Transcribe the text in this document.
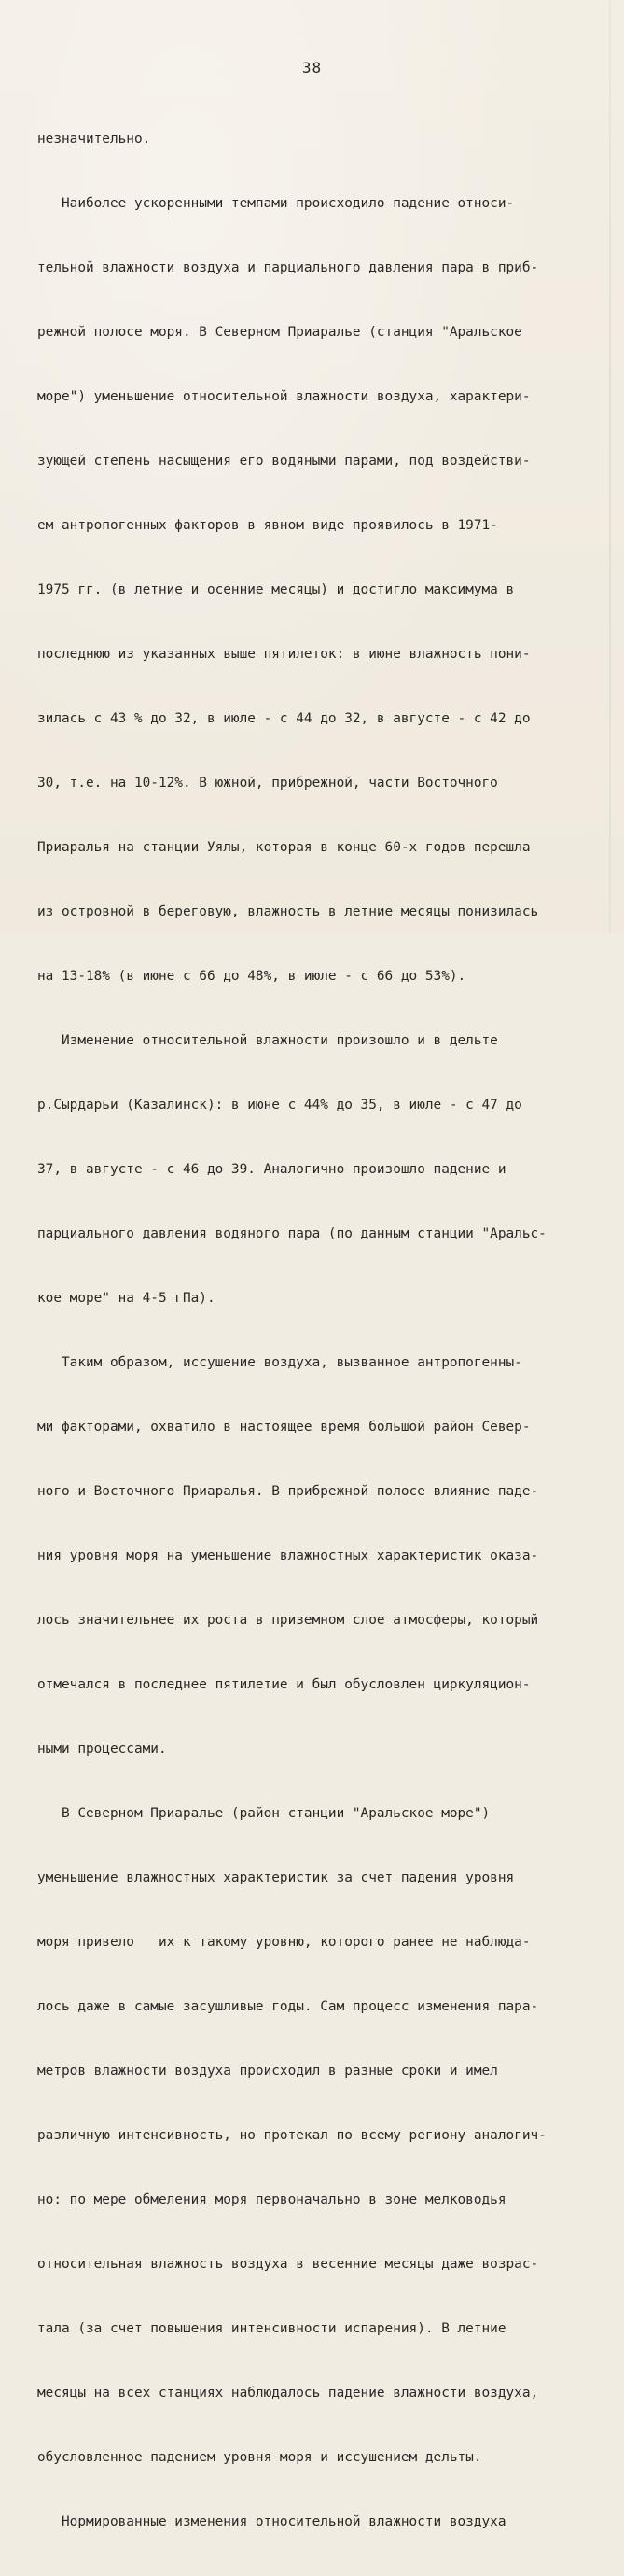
38

незначительно.

Наиболее ускоренными темпами происходило падение относи-

тельной влажности воздуха и парциального давления пара в приб-

режной полосе моря. В Северном Приаралье (станция "Аральское

море") уменьшение относительной влажности воздуха, характери-

зующей степень насыщения его водяными парами, под воздействи-

ем антропогенных факторов в явном виде проявилось в 1971-

1975 гг. (в летние и осенние месяцы) и достигло максимума в

последнюю из указанных выше пятилеток: в июне влажность пони-

зилась с 43 % до 32, в июле - с 44 до 32, в августе - с 42 до

30, т.е. на 10-12%. В южной, прибрежной, части Восточного

Приаралья на станции Уялы, которая в конце 60-х годов перешла

из островной в береговую, влажность в летние месяцы понизилась

на 13-18% (в июне с 66 до 48%, в июле - с 66 до 53%).

Изменение относительной влажности произошло и в дельте

р.Сырдарьи (Казалинск): в июне с 44% до 35, в июле - с 47 до

37, в августе - с 46 до 39. Аналогично произошло падение и

парциального давления водяного пара (по данным станции "Аральс-

кое море" на 4-5 гПа).

Таким образом, иссушение воздуха, вызванное антропогенны-

ми факторами, охватило в настоящее время большой район Север-

ного и Восточного Приаралья. В прибрежной полосе влияние паде-

ния уровня моря на уменьшение влажностных характеристик оказа-

лось значительнее их роста в приземном слое атмосферы, который

отмечался в последнее пятилетие и был обусловлен циркуляцион-

ными процессами.

В Северном Приаралье (район станции "Аральское море")

уменьшение влажностных характеристик за счет падения уровня

моря привело   их к такому уровню, которого ранее не наблюда-

лось даже в самые засушливые годы. Сам процесс изменения пара-

метров влажности воздуха происходил в разные сроки и имел

различную интенсивность, но протекал по всему региону аналогич-

но: по мере обмеления моря первоначально в зоне мелководья

относительная влажность воздуха в весенние месяцы даже возрас-

тала (за счет повышения интенсивности испарения). В летние

месяцы на всех станциях наблюдалось падение влажности воздуха,

обусловленное падением уровня моря и иссушением дельты.

Нормированные изменения относительной влажности воздуха
